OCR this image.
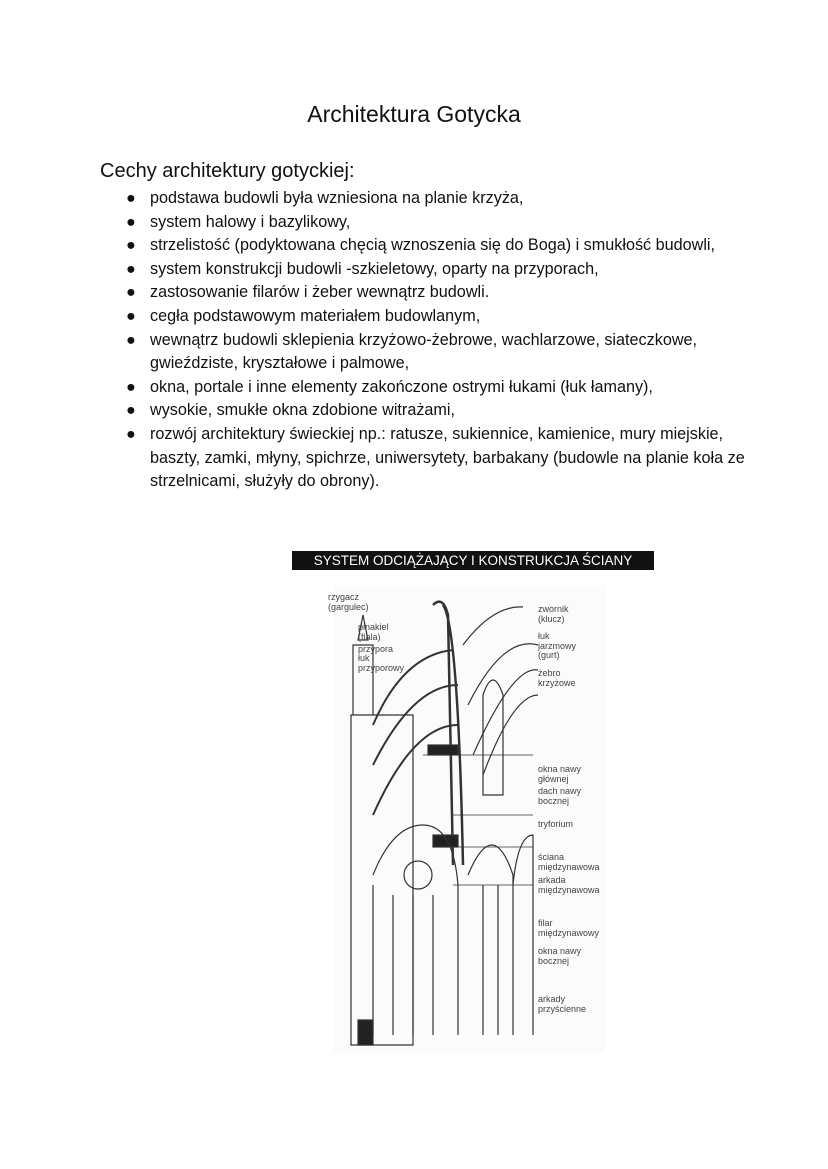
Architektura Gotycka
Cechy architektury gotyckiej:
● podstawa budowli była wzniesiona na planie krzyża,
● system halowy i bazylikowy,
● strzelistość (podyktowana chęcią wznoszenia się do Boga) i smukłość budowli,
● system konstrukcji budowli -szkieletowy, oparty na przyporach,
● zastosowanie filarów i żeber wewnątrz budowli.
● cegła podstawowym materiałem budowlanym,
● wewnątrz budowli sklepienia krzyżowo-żebrowe, wachlarzowe, siateczkowe, gwieździste, kryształowe i palmowe,
● okna, portale i inne elementy zakończone ostrymi łukami (łuk łamany),
● wysokie, smukłe okna zdobione witrażami,
● rozwój architektury świeckiej np.: ratusze, sukiennice, kamienice, mury miejskie, baszty, zamki, młyny, spichrze, uniwersytety, barbakany (budowle na planie koła ze strzelnicami, służyły do obrony).
SYSTEM ODCIĄŻAJĄCY I KONSTRUKCJA ŚCIANY
rzygacz
(gargulec)
pinakiel
(fiala)
przypora
łuk
przyporowy
zwornik
(klucz)
łuk
jarzmowy
(gurt)
żebro
krzyżowe
okna nawy
głównej
dach nawy
bocznej
tryforium
ściana
międzynawowa
arkada
międzynawowa
filar
międzynawowy
okna nawy
bocznej
arkady
przyścienne
